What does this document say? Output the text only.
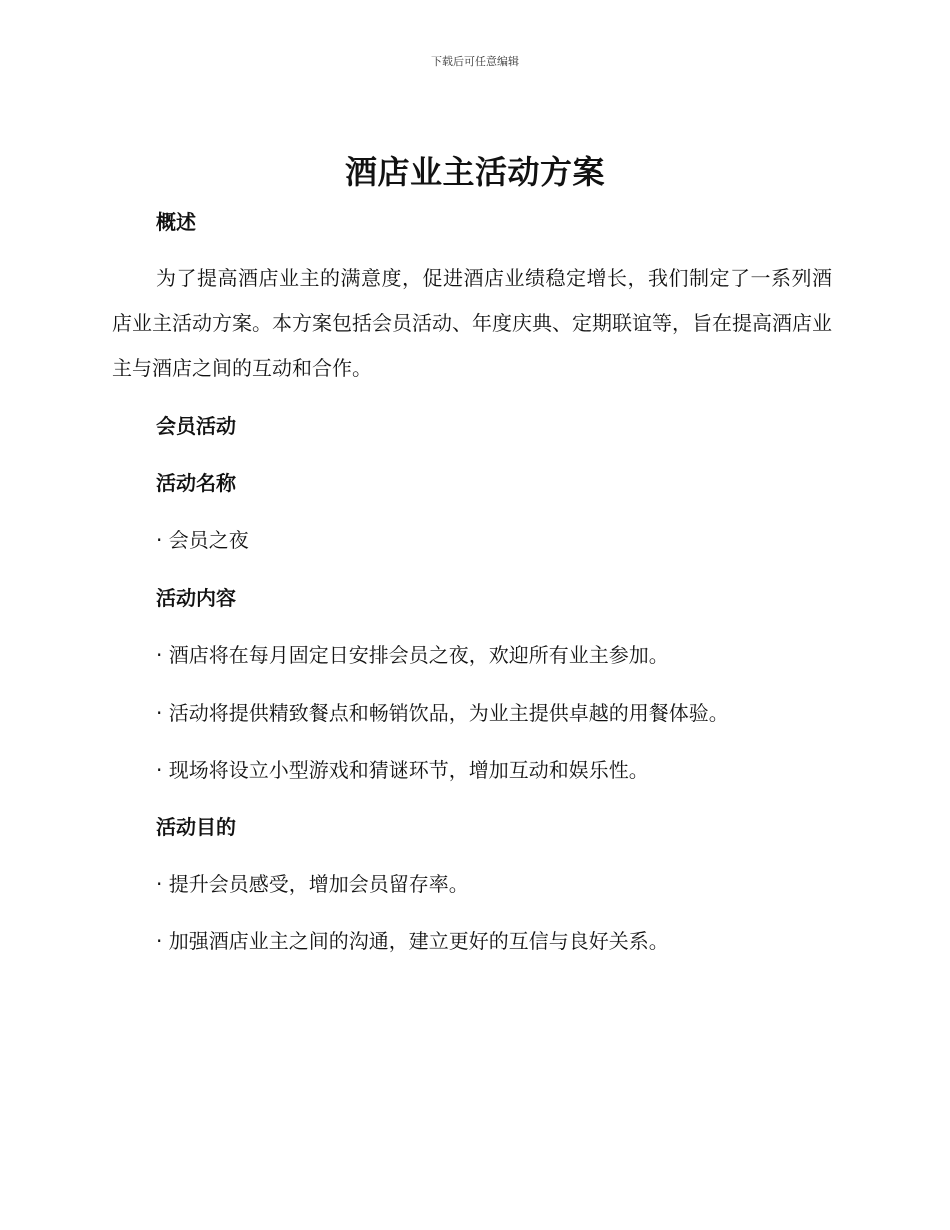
下载后可任意编辑
酒店业主活动方案
概述
为了提高酒店业主的满意度，促进酒店业绩稳定增长，我们制定了一系列酒店业主活动方案。本方案包括会员活动、年度庆典、定期联谊等，旨在提高酒店业主与酒店之间的互动和合作。
会员活动
活动名称
· 会员之夜
活动内容
· 酒店将在每月固定日安排会员之夜，欢迎所有业主参加。
· 活动将提供精致餐点和畅销饮品，为业主提供卓越的用餐体验。
· 现场将设立小型游戏和猜谜环节，增加互动和娱乐性。
活动目的
· 提升会员感受，增加会员留存率。
· 加强酒店业主之间的沟通，建立更好的互信与良好关系。
